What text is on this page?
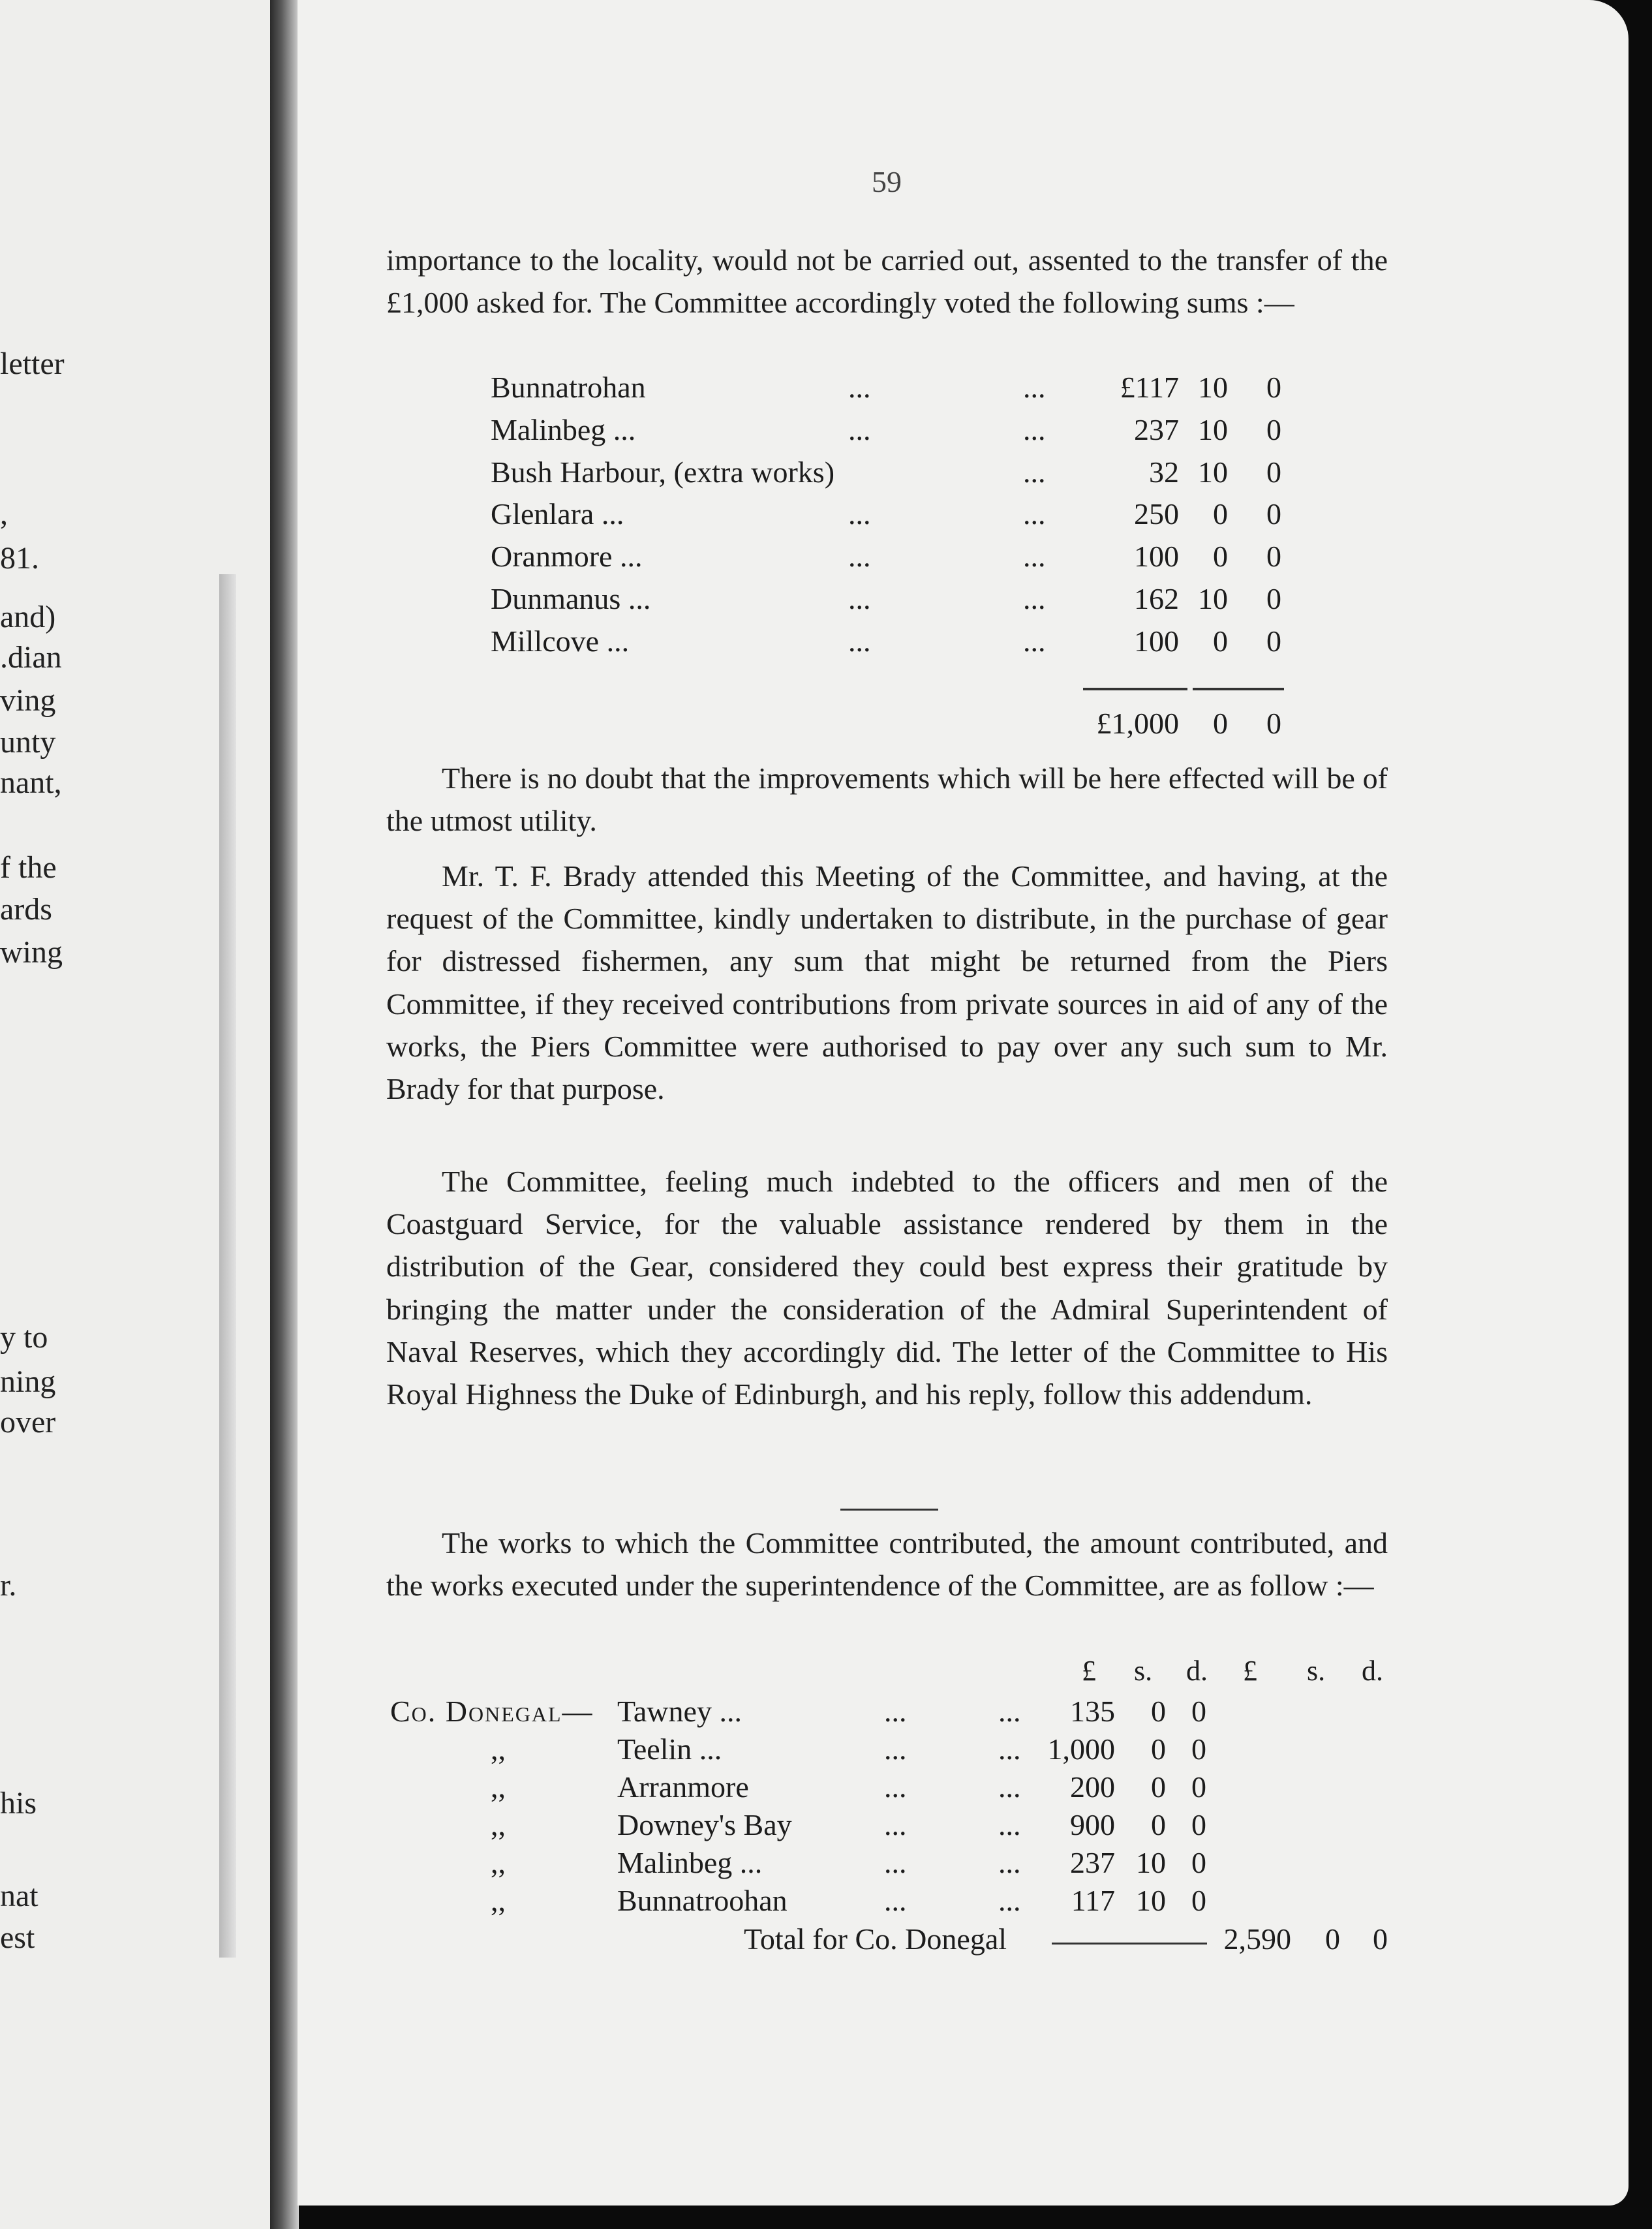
letter
,
81.
and)
.dian
ving
unty
nant,
f the
ards
wing
y to
ning
over
r.
his
nat
est
59
importance to the locality, would not be carried out, assented to the transfer of the £1,000 asked for. The Committee accordingly voted the following sums :—
Bunnatrohan	...	... £117 10 0
Malinbeg ...	...	...	237 10 0
Bush Harbour, (extra works)	...	32 10 0
Glenlara ...	...	...	250 0 0
Oranmore ...	...	...	100 0 0
Dunmanus ...	...	...	162 10 0
Millcove ...	...	...	100 0 0
£1,000 0 0
There is no doubt that the improvements which will be here effected will be of the utmost utility.
Mr. T. F. Brady attended this Meeting of the Committee, and having, at the request of the Committee, kindly undertaken to distribute, in the purchase of gear for distressed fishermen, any sum that might be returned from the Piers Committee, if they received contributions from private sources in aid of any of the works, the Piers Committee were authorised to pay over any such sum to Mr. Brady for that purpose.
The Committee, feeling much indebted to the officers and men of the Coastguard Service, for the valuable assistance rendered by them in the distribution of the Gear, considered they could best express their gratitude by bringing the matter under the consideration of the Admiral Superintendent of Naval Reserves, which they accordingly did. The letter of the Committee to His Royal Highness the Duke of Edinburgh, and his reply, follow this addendum.
The works to which the Committee contributed, the amount contributed, and the works executed under the superintendence of the Committee, are as follow :—
£ s. d. £ s. d.
Co. Donegal— Tawney ...	...	... 135 0 0
,,	Teelin ...	...	... 1,000 0 0
,,	Arranmore	...	... 200 0 0
,,	Downey's Bay	...	... 900 0 0
,,	Malinbeg ...	...	... 237 10 0
,,	Bunnatroohan	...	... 117 10 0
Total for Co. Donegal	2,590 0 0
